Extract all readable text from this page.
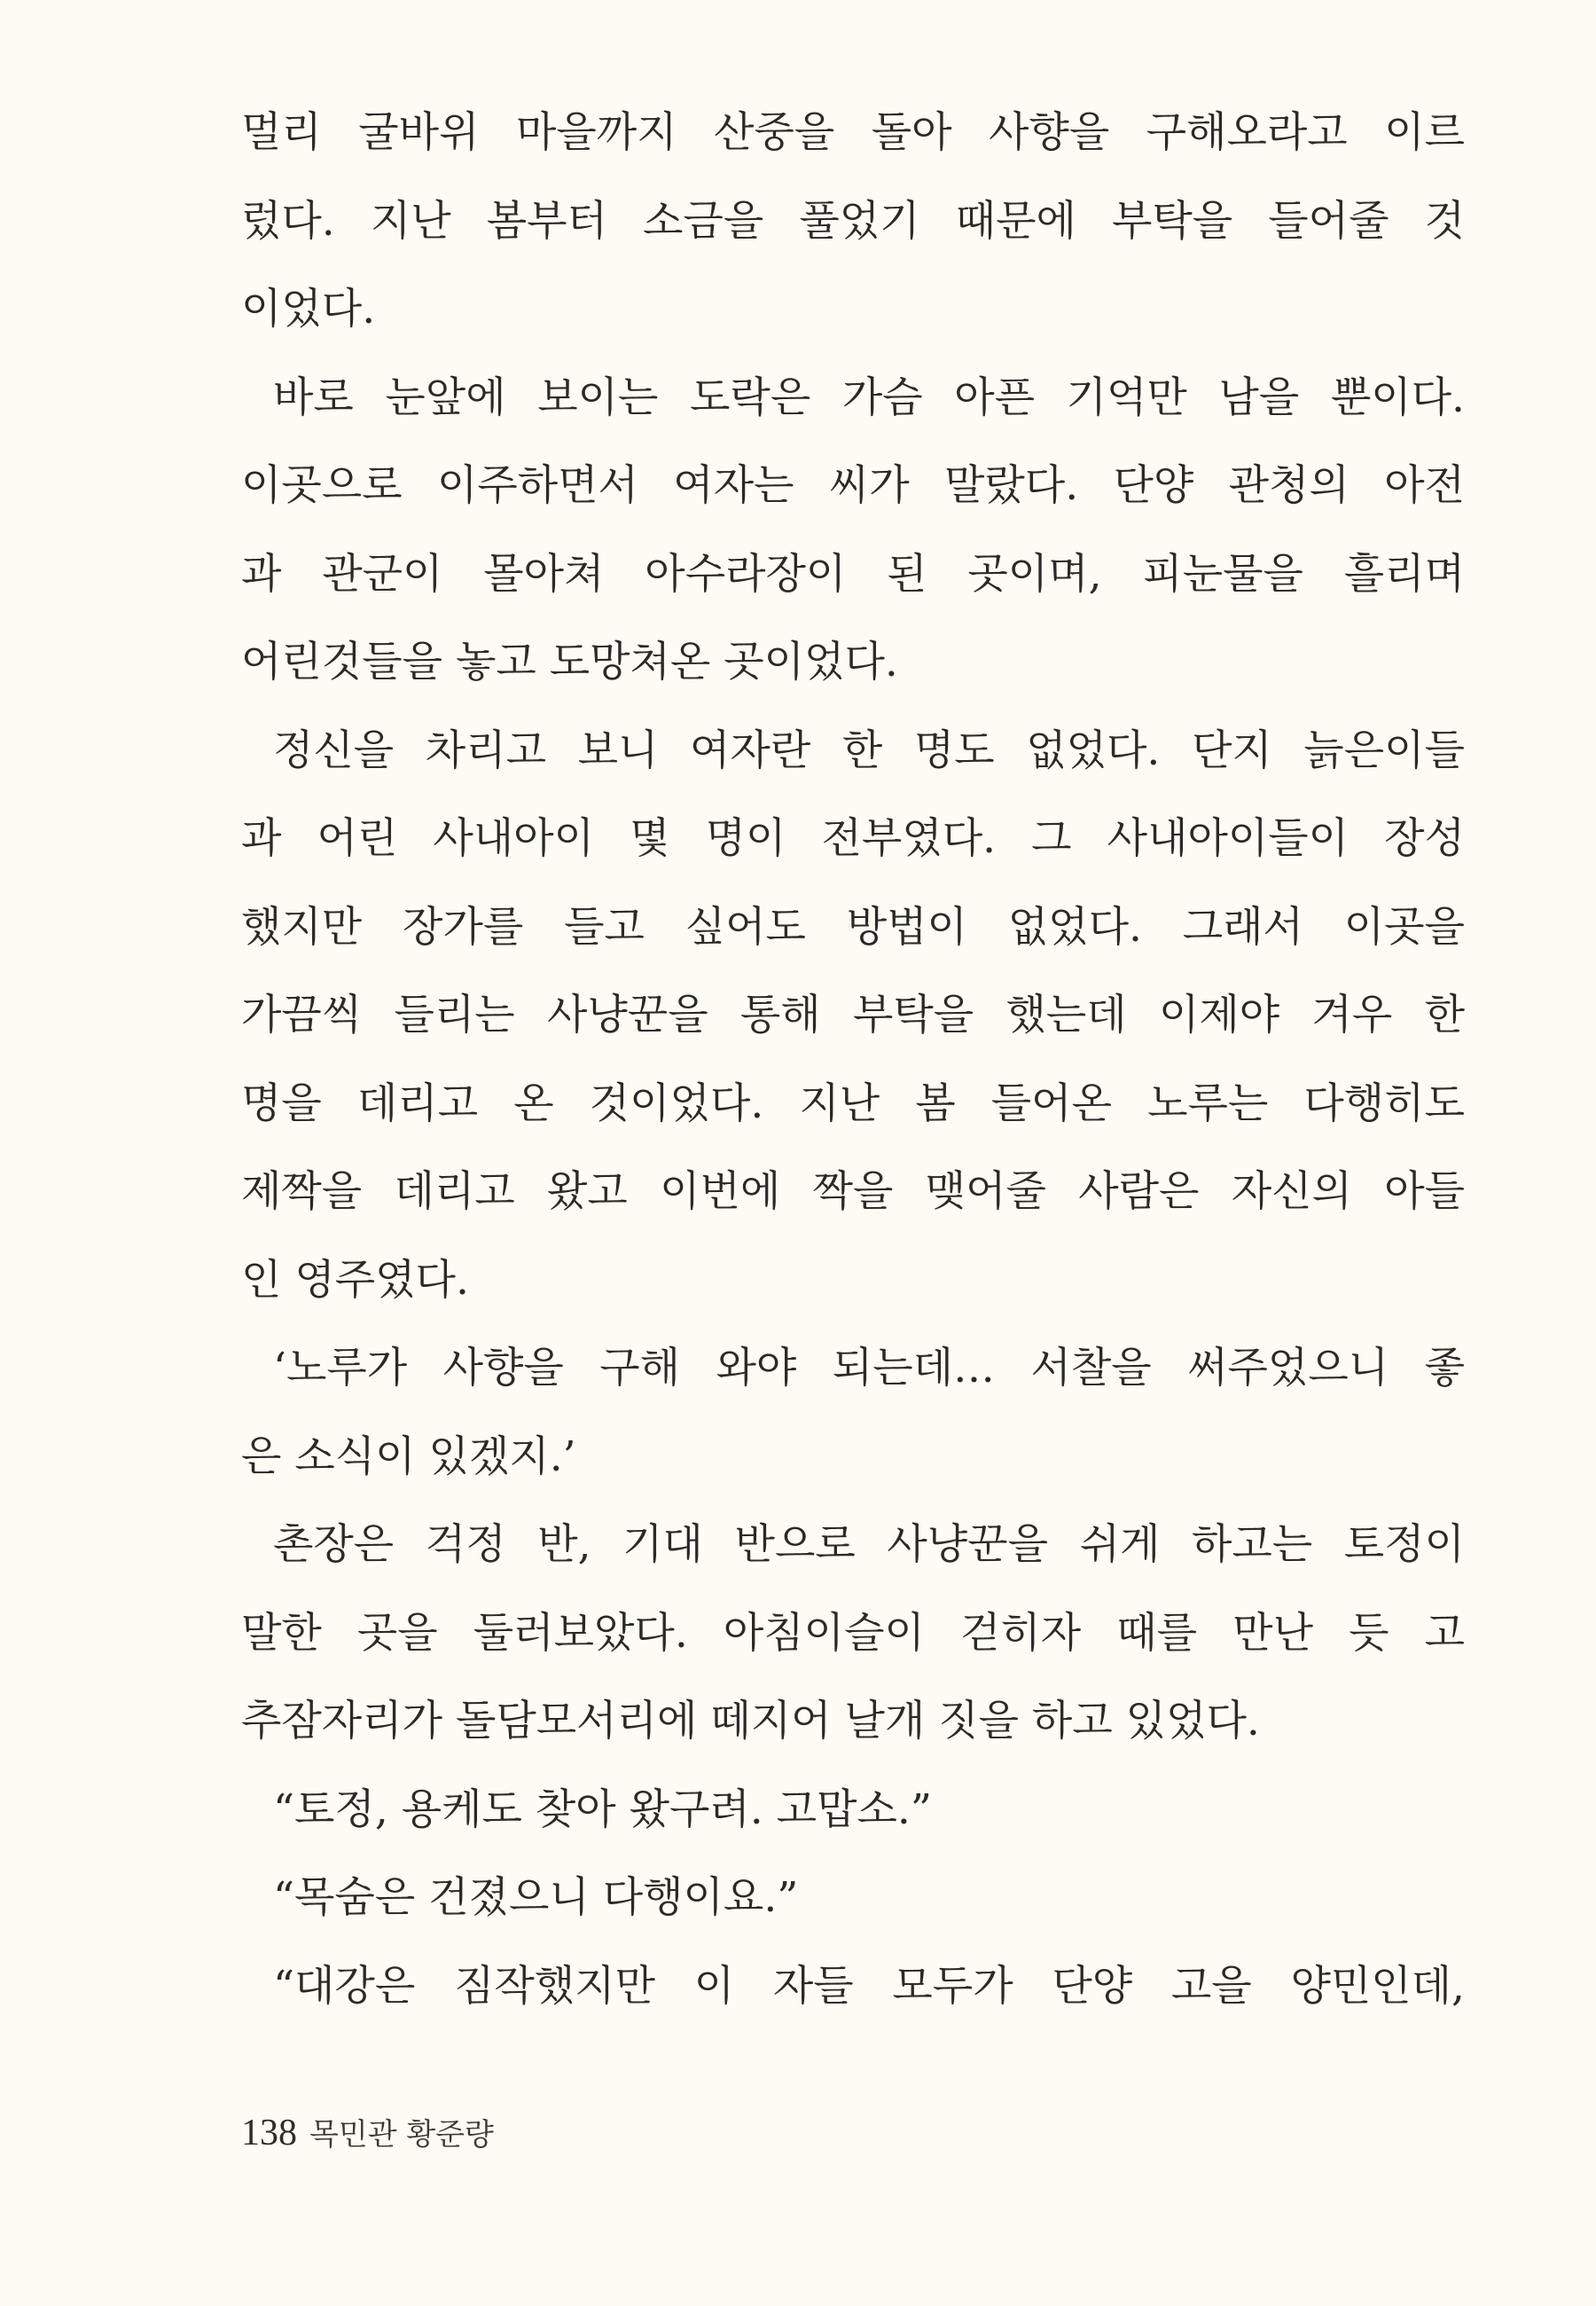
멀리 굴바위 마을까지 산중을 돌아 사향을 구해오라고 이르
렀다. 지난 봄부터 소금을 풀었기 때문에 부탁을 들어줄 것
이었다.
바로 눈앞에 보이는 도락은 가슴 아픈 기억만 남을 뿐이다.
이곳으로 이주하면서 여자는 씨가 말랐다. 단양 관청의 아전
과 관군이 몰아쳐 아수라장이 된 곳이며, 피눈물을 흘리며
어린것들을 놓고 도망쳐온 곳이었다.
정신을 차리고 보니 여자란 한 명도 없었다. 단지 늙은이들
과 어린 사내아이 몇 명이 전부였다. 그 사내아이들이 장성
했지만 장가를 들고 싶어도 방법이 없었다. 그래서 이곳을
가끔씩 들리는 사냥꾼을 통해 부탁을 했는데 이제야 겨우 한
명을 데리고 온 것이었다. 지난 봄 들어온 노루는 다행히도
제짝을 데리고 왔고 이번에 짝을 맺어줄 사람은 자신의 아들
인 영주였다.
‘노루가 사향을 구해 와야 되는데… 서찰을 써주었으니 좋
은 소식이 있겠지.’
촌장은 걱정 반, 기대 반으로 사냥꾼을 쉬게 하고는 토정이
말한 곳을 둘러보았다. 아침이슬이 걷히자 때를 만난 듯 고
추잠자리가 돌담모서리에 떼지어 날개 짓을 하고 있었다.
“토정, 용케도 찾아 왔구려. 고맙소.”
“목숨은 건졌으니 다행이요.”
“대강은 짐작했지만 이 자들 모두가 단양 고을 양민인데,
138 목민관 황준량
